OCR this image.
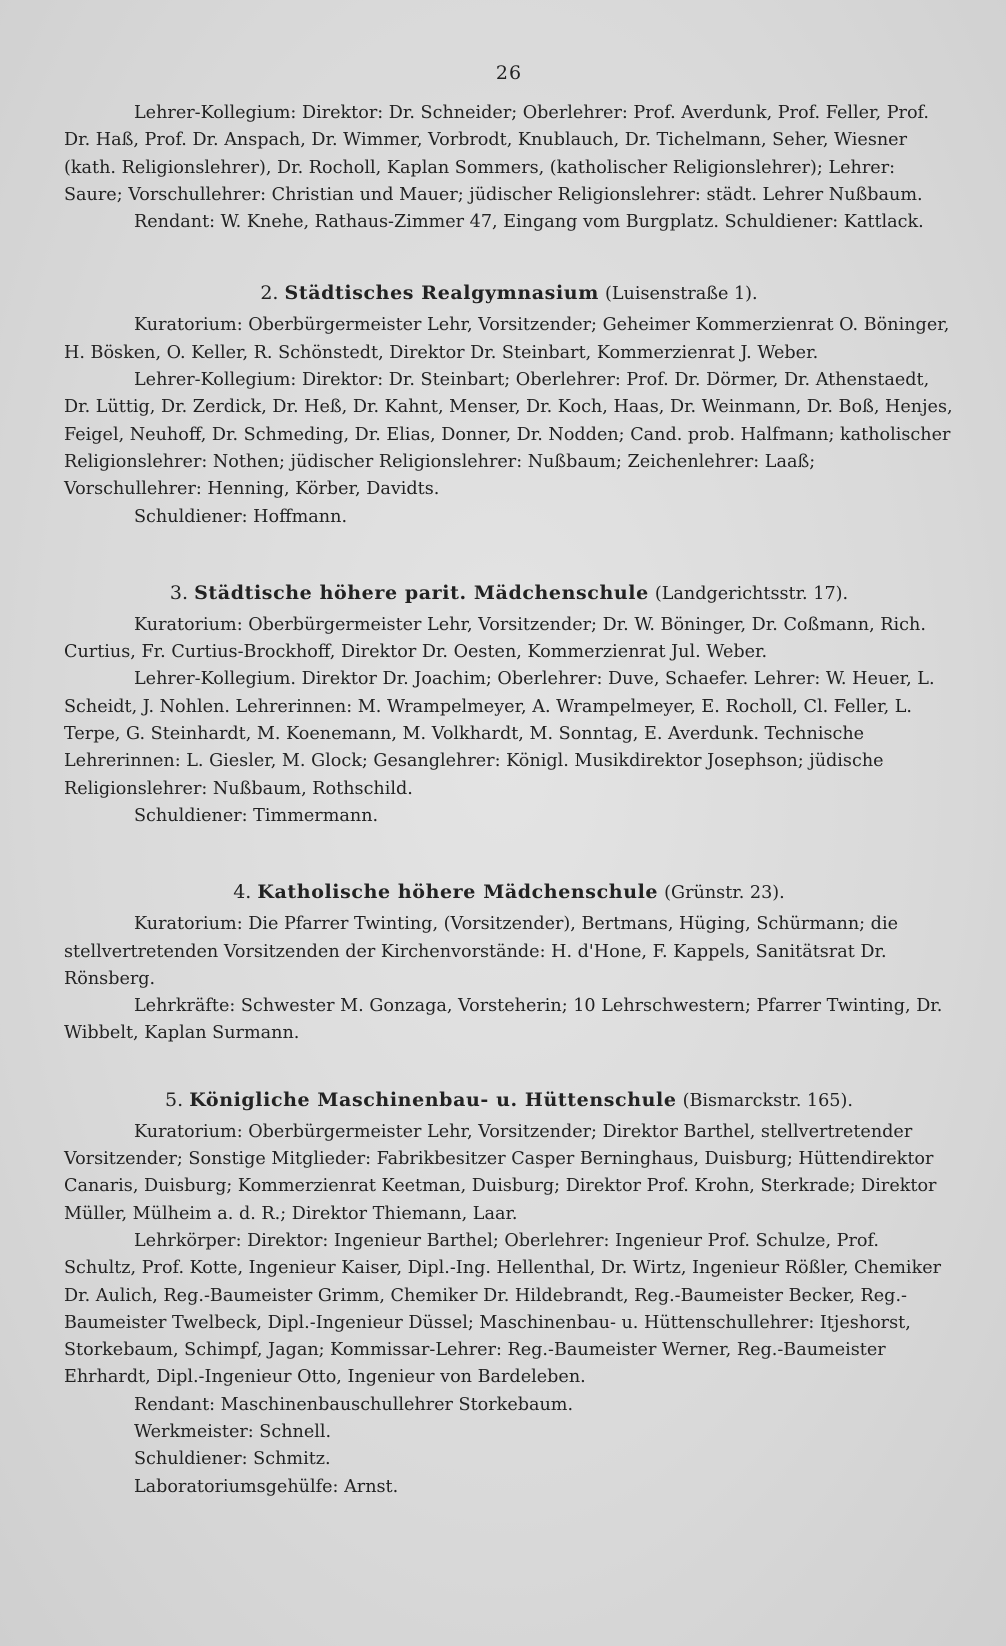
26

Lehrer-Kollegium: Direktor: Dr. Schneider; Oberlehrer: Prof. Averdunk, Prof. Feller, Prof. Dr. Haß, Prof. Dr. Anspach, Dr. Wimmer, Vorbrodt, Knublauch, Dr. Tichelmann, Seher, Wiesner (kath. Religionslehrer), Dr. Rocholl, Kaplan Sommers, (katholischer Religionslehrer); Lehrer: Saure; Vorschullehrer: Christian und Mauer; jüdischer Religionslehrer: städt. Lehrer Nußbaum.

Rendant: W. Knehe, Rathaus-Zimmer 47, Eingang vom Burgplatz. Schuldiener: Kattlack.

2. Städtisches Realgymnasium (Luisenstraße 1).

Kuratorium: Oberbürgermeister Lehr, Vorsitzender; Geheimer Kommerzienrat O. Böninger, H. Bösken, O. Keller, R. Schönstedt, Direktor Dr. Steinbart, Kommerzienrat J. Weber.

Lehrer-Kollegium: Direktor: Dr. Steinbart; Oberlehrer: Prof. Dr. Dörmer, Dr. Athenstaedt, Dr. Lüttig, Dr. Zerdick, Dr. Heß, Dr. Kahnt, Menser, Dr. Koch, Haas, Dr. Weinmann, Dr. Boß, Henjes, Feigel, Neuhoff, Dr. Schmeding, Dr. Elias, Donner, Dr. Nodden; Cand. prob. Halfmann; katholischer Religionslehrer: Nothen; jüdischer Religionslehrer: Nußbaum; Zeichenlehrer: Laaß; Vorschullehrer: Henning, Körber, Davidts.

Schuldiener: Hoffmann.

3. Städtische höhere parit. Mädchenschule (Landgerichtsstr. 17).

Kuratorium: Oberbürgermeister Lehr, Vorsitzender; Dr. W. Böninger, Dr. Coßmann, Rich. Curtius, Fr. Curtius-Brockhoff, Direktor Dr. Oesten, Kommerzienrat Jul. Weber.

Lehrer-Kollegium. Direktor Dr. Joachim; Oberlehrer: Duve, Schaefer. Lehrer: W. Heuer, L. Scheidt, J. Nohlen. Lehrerinnen: M. Wrampelmeyer, A. Wrampelmeyer, E. Rocholl, Cl. Feller, L. Terpe, G. Steinhardt, M. Koenemann, M. Volkhardt, M. Sonntag, E. Averdunk. Technische Lehrerinnen: L. Giesler, M. Glock; Gesanglehrer: Königl. Musikdirektor Josephson; jüdische Religionslehrer: Nußbaum, Rothschild.

Schuldiener: Timmermann.

4. Katholische höhere Mädchenschule (Grünstr. 23).

Kuratorium: Die Pfarrer Twinting, (Vorsitzender), Bertmans, Hüging, Schürmann; die stellvertretenden Vorsitzenden der Kirchenvorstände: H. d'Hone, F. Kappels, Sanitätsrat Dr. Rönsberg.

Lehrkräfte: Schwester M. Gonzaga, Vorsteherin; 10 Lehrschwestern; Pfarrer Twinting, Dr. Wibbelt, Kaplan Surmann.

5. Königliche Maschinenbau- u. Hüttenschule (Bismarckstr. 165).

Kuratorium: Oberbürgermeister Lehr, Vorsitzender; Direktor Barthel, stellvertretender Vorsitzender; Sonstige Mitglieder: Fabrikbesitzer Casper Berninghaus, Duisburg; Hüttendirektor Canaris, Duisburg; Kommerzienrat Keetman, Duisburg; Direktor Prof. Krohn, Sterkrade; Direktor Müller, Mülheim a. d. R.; Direktor Thiemann, Laar.

Lehrkörper: Direktor: Ingenieur Barthel; Oberlehrer: Ingenieur Prof. Schulze, Prof. Schultz, Prof. Kotte, Ingenieur Kaiser, Dipl.-Ing. Hellenthal, Dr. Wirtz, Ingenieur Rößler, Chemiker Dr. Aulich, Reg.-Baumeister Grimm, Chemiker Dr. Hildebrandt, Reg.-Baumeister Becker, Reg.-Baumeister Twelbeck, Dipl.-Ingenieur Düssel; Maschinenbau- u. Hüttenschullehrer: Itjeshorst, Storkebaum, Schimpf, Jagan; Kommissar-Lehrer: Reg.-Baumeister Werner, Reg.-Baumeister Ehrhardt, Dipl.-Ingenieur Otto, Ingenieur von Bardeleben.

Rendant: Maschinenbauschullehrer Storkebaum.

Werkmeister: Schnell.

Schuldiener: Schmitz.

Laboratoriumsgehülfe: Arnst.
